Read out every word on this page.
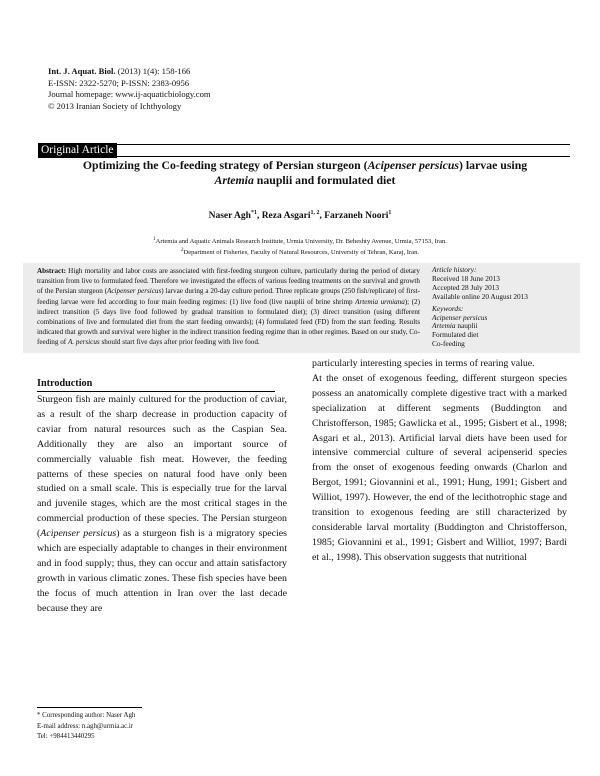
Int. J. Aquat. Biol. (2013) 1(4): 158-166
E-ISSN: 2322-5270; P-ISSN: 2383-0956
Journal homepage: www.ij-aquaticbiology.com
© 2013 Iranian Society of Ichthyology
Original Article
Optimizing the Co-feeding strategy of Persian sturgeon (Acipenser persicus) larvae using
Artemia nauplii and formulated diet
Naser Agh$^{*1}$, Reza Asgari$^{1, 2}$, Farzaneh Noori$^1$
$^1$Artemia and Aquatic Animals Research Institute, Urmia University, Dr. Beheshty Avenue, Urmia, 57153, Iran.
$^2$Department of Fisheries, Faculty of Natural Resources, University of Tehran, Karaj, Iran.
Abstract: High mortality and labor costs are associated with first-feeding sturgeon culture, particularly during the period of dietary transition from live to formulated feed. Therefore we investigated the effects of various feeding treatments on the survival and growth of the Persian sturgeon (Acipenser persicus) larvae during a 20-day culture period. Three replicate groups (250 fish/replicate) of first-feeding larvae were fed according to four main feeding regimes: (1) live food (live nauplii of brine shrimp Artemia urmiana); (2) indirect transition (5 days live food followed by gradual transition to formulated diet); (3) direct transition (using different combinations of live and formulated diet from the start feeding onwards); (4) formulated feed (FD) from the start feeding. Results indicated that growth and survival were higher in the indirect transition feeding regime than in other regimes. Based on our study, Co-feeding of A. persicus should start five days after prior feeding with live food.
Article history:
Received 18 June 2013
Accepted 28 July 2013
Available online 20 August 2013
Keywords:
Acipenser persicus
Artemia nauplii
Formulated diet
Co-feeding
Introduction

Sturgeon fish are mainly cultured for the production of caviar, as a result of the sharp decrease in production capacity of caviar from natural resources such as the Caspian Sea. Additionally they are also an important source of commercially valuable fish meat. However, the feeding patterns of these species on natural food have only been studied on a small scale. This is especially true for the larval and juvenile stages, which are the most critical stages in the commercial production of these species. The Persian sturgeon (Acipenser persicus) as a sturgeon fish is a migratory species which are especially adaptable to changes in their environment and in food supply; thus, they can occur and attain satisfactory growth in various climatic zones. These fish species have been the focus of much attention in Iran over the last decade because they are

particularly interesting species in terms of rearing value.

At the onset of exogenous feeding, different sturgeon species possess an anatomically complete digestive tract with a marked specialization at different segments (Buddington and Christofferson, 1985; Gawlicka et al., 1995; Gisbert et al., 1998; Asgari et al., 2013). Artificial larval diets have been used for intensive commercial culture of several acipenserid species from the onset of exogenous feeding onwards (Charlon and Bergot, 1991; Giovannini et al., 1991; Hung, 1991; Gisbert and Williot, 1997). However, the end of the lecithotrophic stage and transition to exogenous feeding are still characterized by considerable larval mortality (Buddington and Christofferson, 1985; Giovannini et al., 1991; Gisbert and Williot, 1997; Bardi et al., 1998). This observation suggests that nutritional

* Corresponding author: Naser Agh
E-mail address: n.agh@urmia.ac.ir
Tel: +984413440295
